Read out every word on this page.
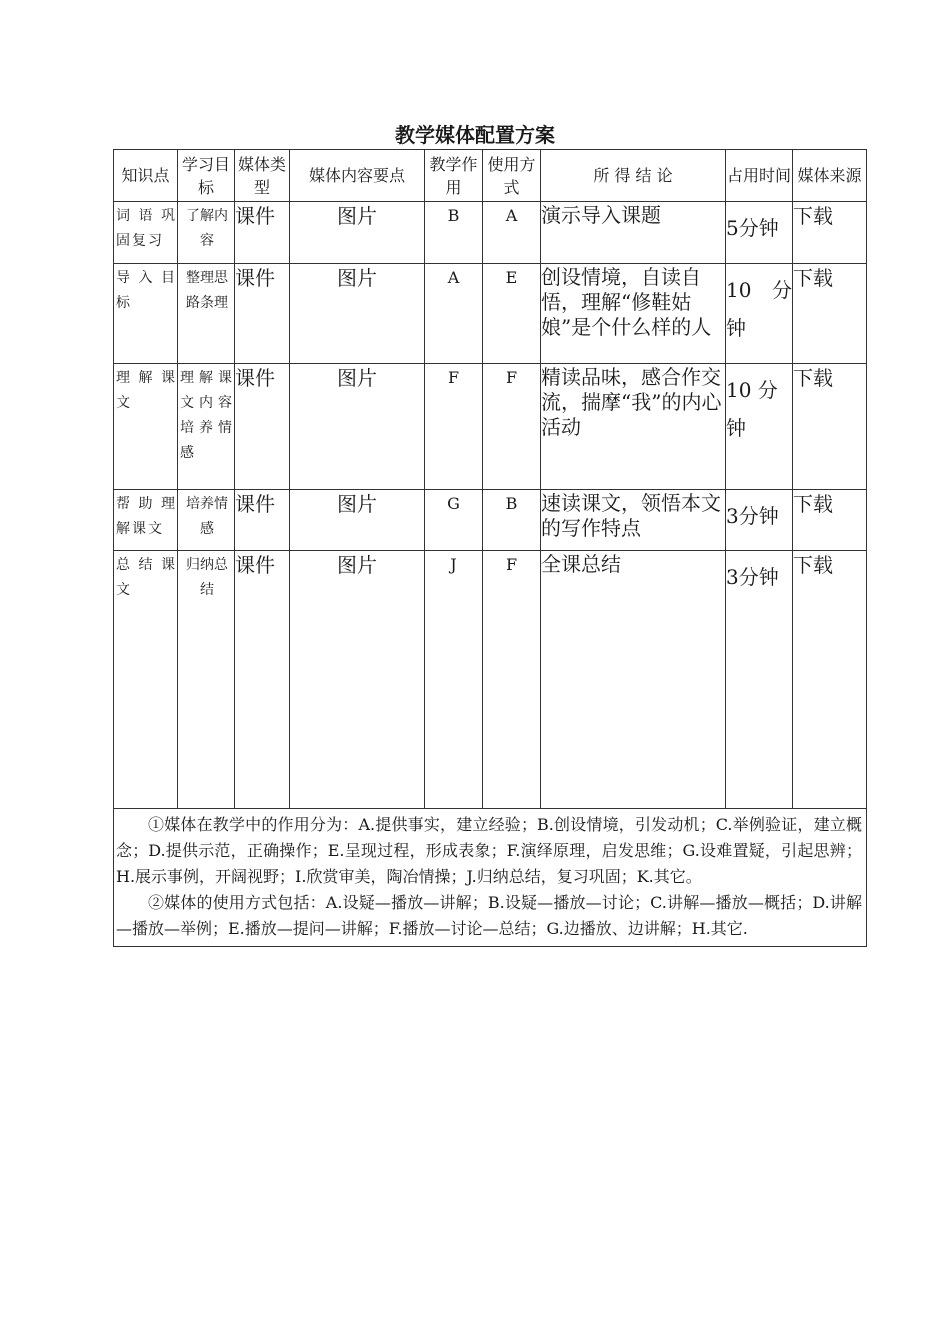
教学媒体配置方案
知识点	学习目标	媒体类型	媒体内容要点	教学作用	使用方式	所 得 结 论	占用时间	媒体来源
词语巩固复习	了解内容	课件	图片	B	A	演示导入课题	5分钟	下载
导入目标	整理思路条理	课件	图片	A	E	创设情境，自读自悟，理解“修鞋姑娘”是个什么样的人	10 分钟	下载
理解课文	理解课文内容培养情感	课件	图片	F	F	精读品味，感合作交流，揣摩“我”的内心活动	10 分钟	下载
帮助理解课文	培养情感	课件	图片	G	B	速读课文，领悟本文的写作特点	3分钟	下载
总结课文	归纳总结	课件	图片	J	F	全课总结	3分钟	下载

①媒体在教学中的作用分为：A.提供事实，建立经验；B.创设情境，引发动机；C.举例验证，建立概念；D.提供示范，正确操作；E.呈现过程，形成表象；F.演绎原理，启发思维；G.设难置疑，引起思辨；H.展示事例，开阔视野；I.欣赏审美，陶冶情操；J.归纳总结，复习巩固；K.其它。

②媒体的使用方式包括：A.设疑—播放—讲解；B.设疑—播放—讨论；C.讲解—播放—概括；D.讲解—播放—举例；E.播放—提问—讲解；F.播放—讨论—总结；G.边播放、边讲解；H.其它.								
